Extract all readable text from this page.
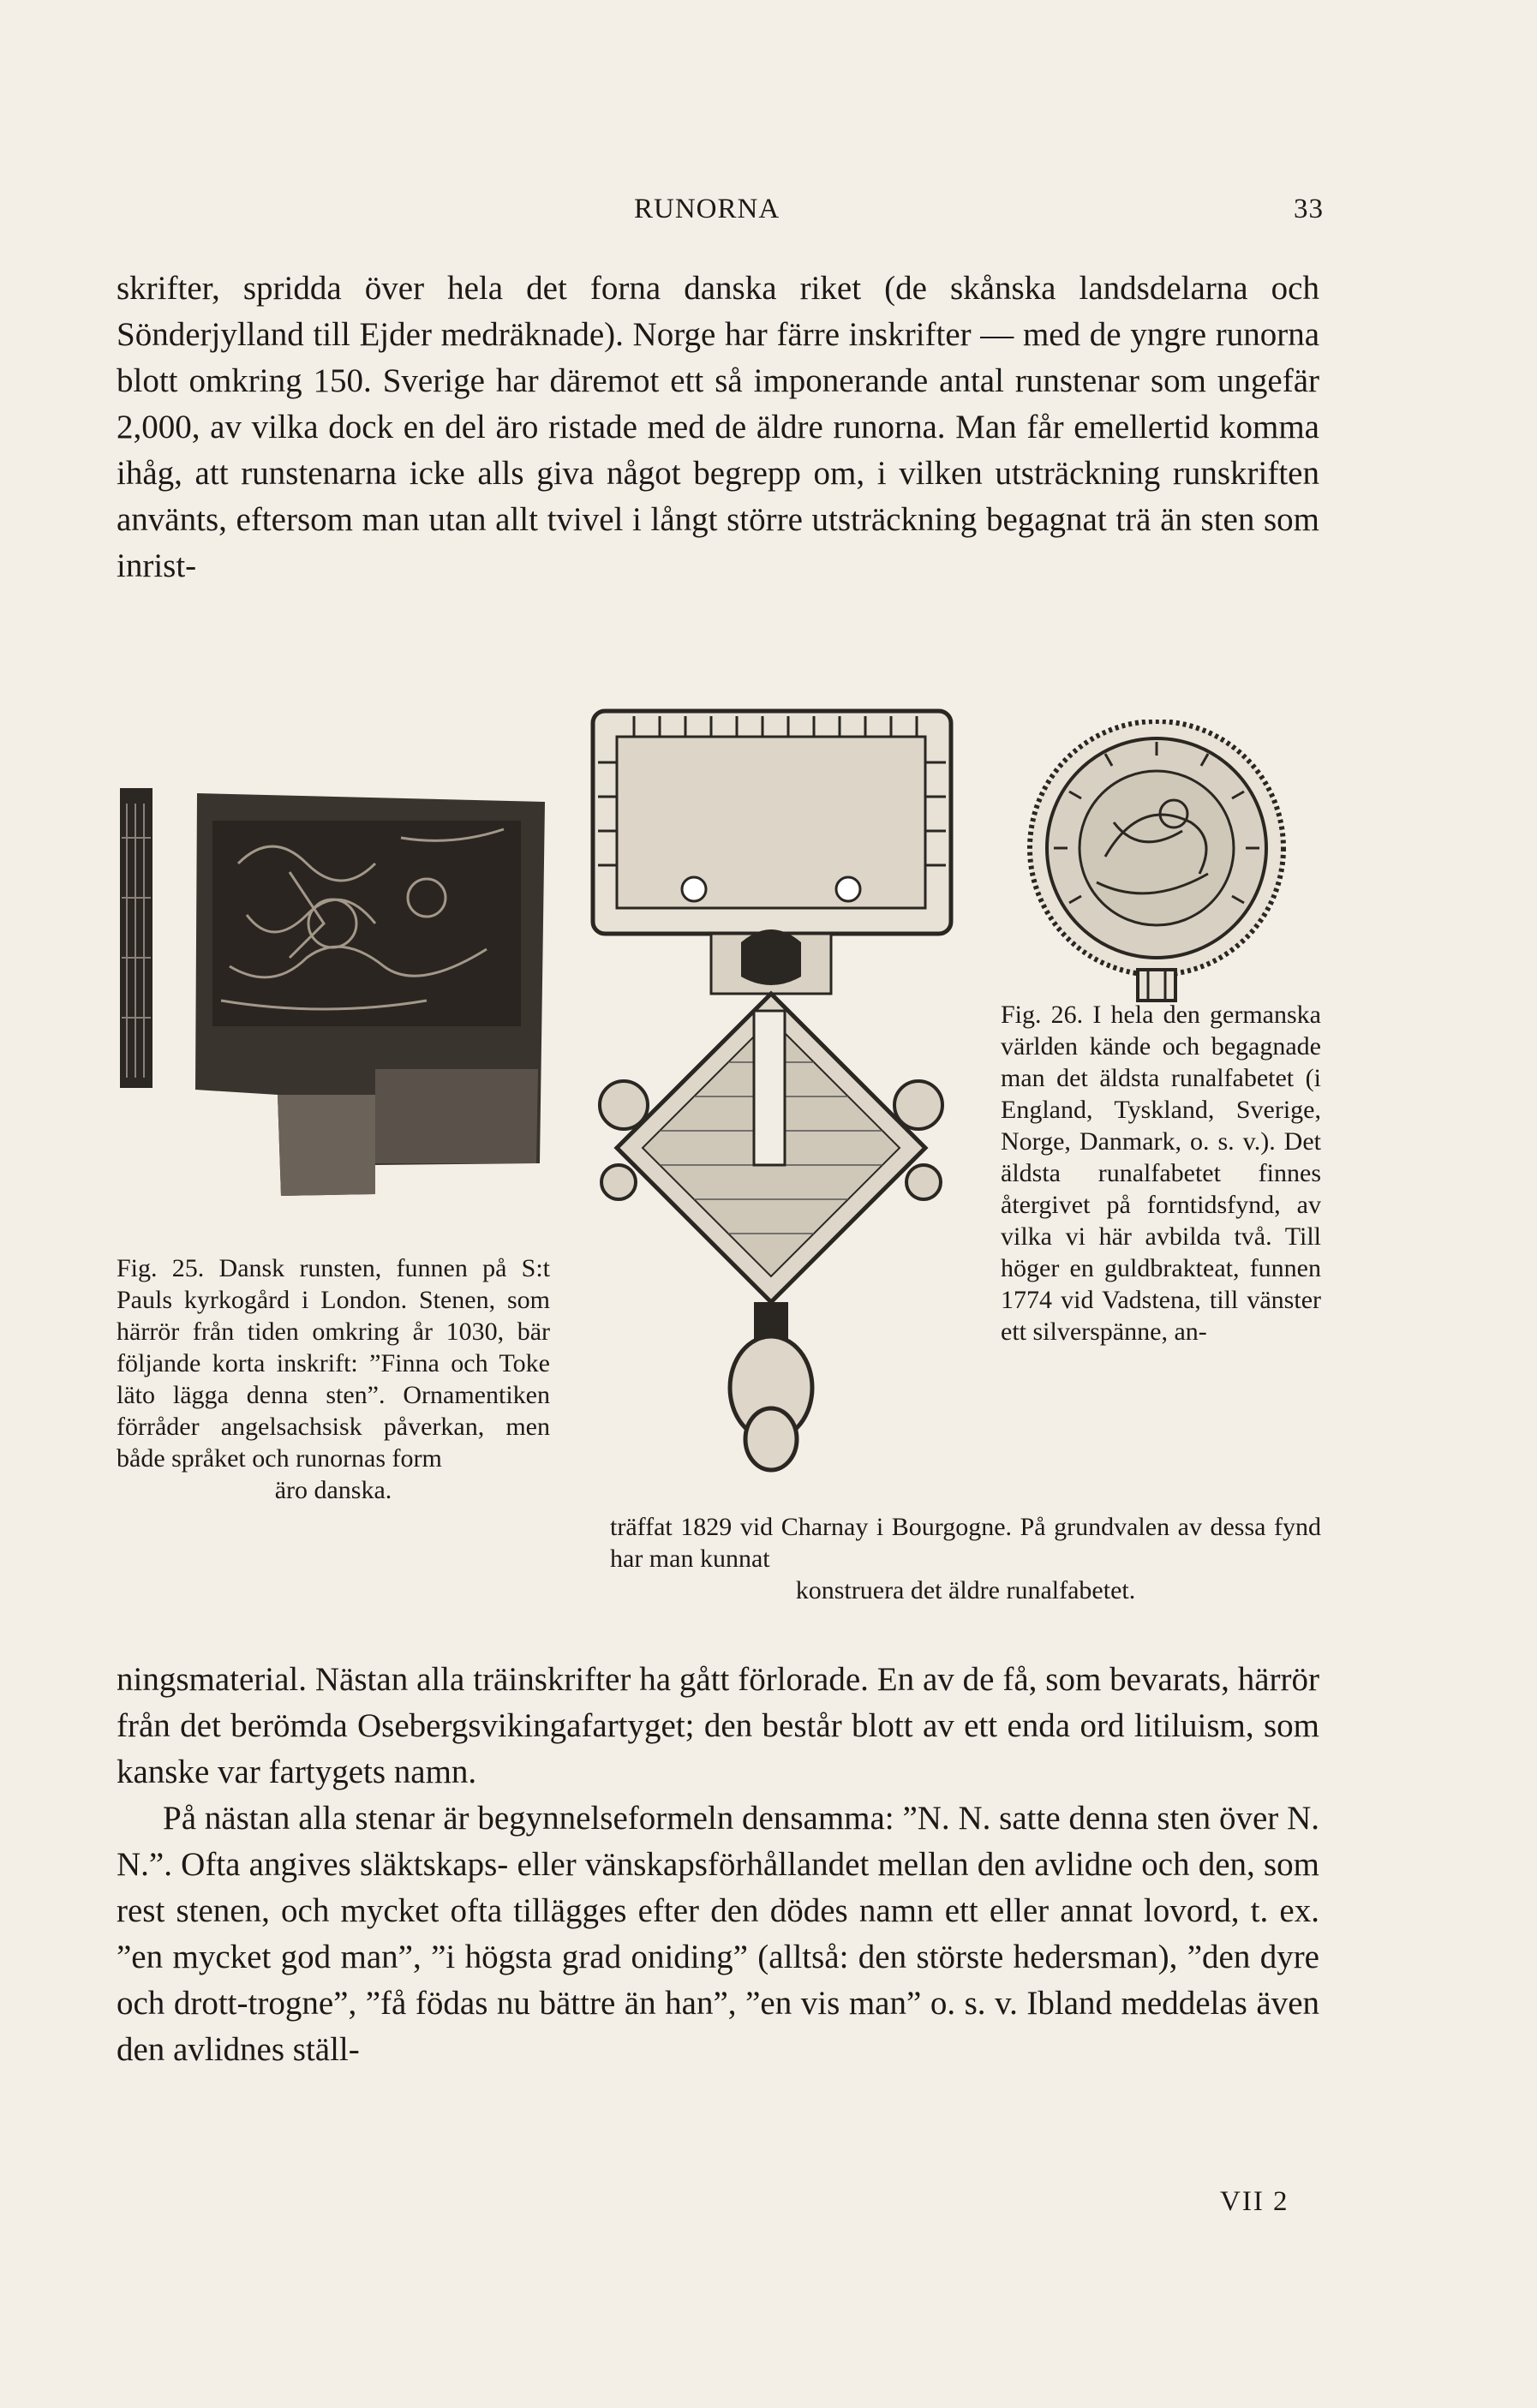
RUNORNA	33

skrifter, spridda över hela det forna danska riket (de skånska landsdelarna och Sönderjylland till Ejder medräknade). Norge har färre inskrifter — med de yngre runorna blott omkring 150. Sverige har däremot ett så imponerande antal runstenar som ungefär 2,000, av vilka dock en del äro ristade med de äldre runorna. Man får emellertid komma ihåg, att runstenarna icke alls giva något begrepp om, i vilken utsträckning runskriften använts, eftersom man utan allt tvivel i långt större utsträckning begagnat trä än sten som inrist-

Fig. 25. Dansk runsten, funnen på S:t Pauls kyrkogård i London. Stenen, som härrör från tiden omkring år 1030, bär följande korta inskrift: ”Finna och Toke läto lägga denna sten”. Ornamentiken förråder angelsachsisk påverkan, men både språket och runornas form
äro danska.
Fig. 26. I hela den germanska världen kände och begagnade man det äldsta runalfabetet (i England, Tyskland, Sverige, Norge, Danmark, o. s. v.). Det äldsta runalfabetet finnes återgivet på forntidsfynd, av vilka vi här avbilda två. Till höger en guldbrakteat, funnen 1774 vid Vadstena, till vänster ett silverspänne, an-
träffat 1829 vid Charnay i Bourgogne. På grundvalen av dessa fynd har man kunnat
konstruera det äldre runalfabetet.

ningsmaterial. Nästan alla träinskrifter ha gått förlorade. En av de få, som bevarats, härrör från det berömda Osebergsvikingafartyget; den består blott av ett enda ord litiluism, som kanske var fartygets namn.

På nästan alla stenar är begynnelseformeln densamma: ”N. N. satte denna sten över N. N.”. Ofta angives släktskaps- eller vänskapsförhållandet mellan den avlidne och den, som rest stenen, och mycket ofta tillägges efter den dödes namn ett eller annat lovord, t. ex. ”en mycket god man”, ”i högsta grad oniding” (alltså: den störste hedersman), ”den dyre och drott-trogne”, ”få födas nu bättre än han”, ”en vis man” o. s. v. Ibland meddelas även den avlidnes ställ-

VII 2
